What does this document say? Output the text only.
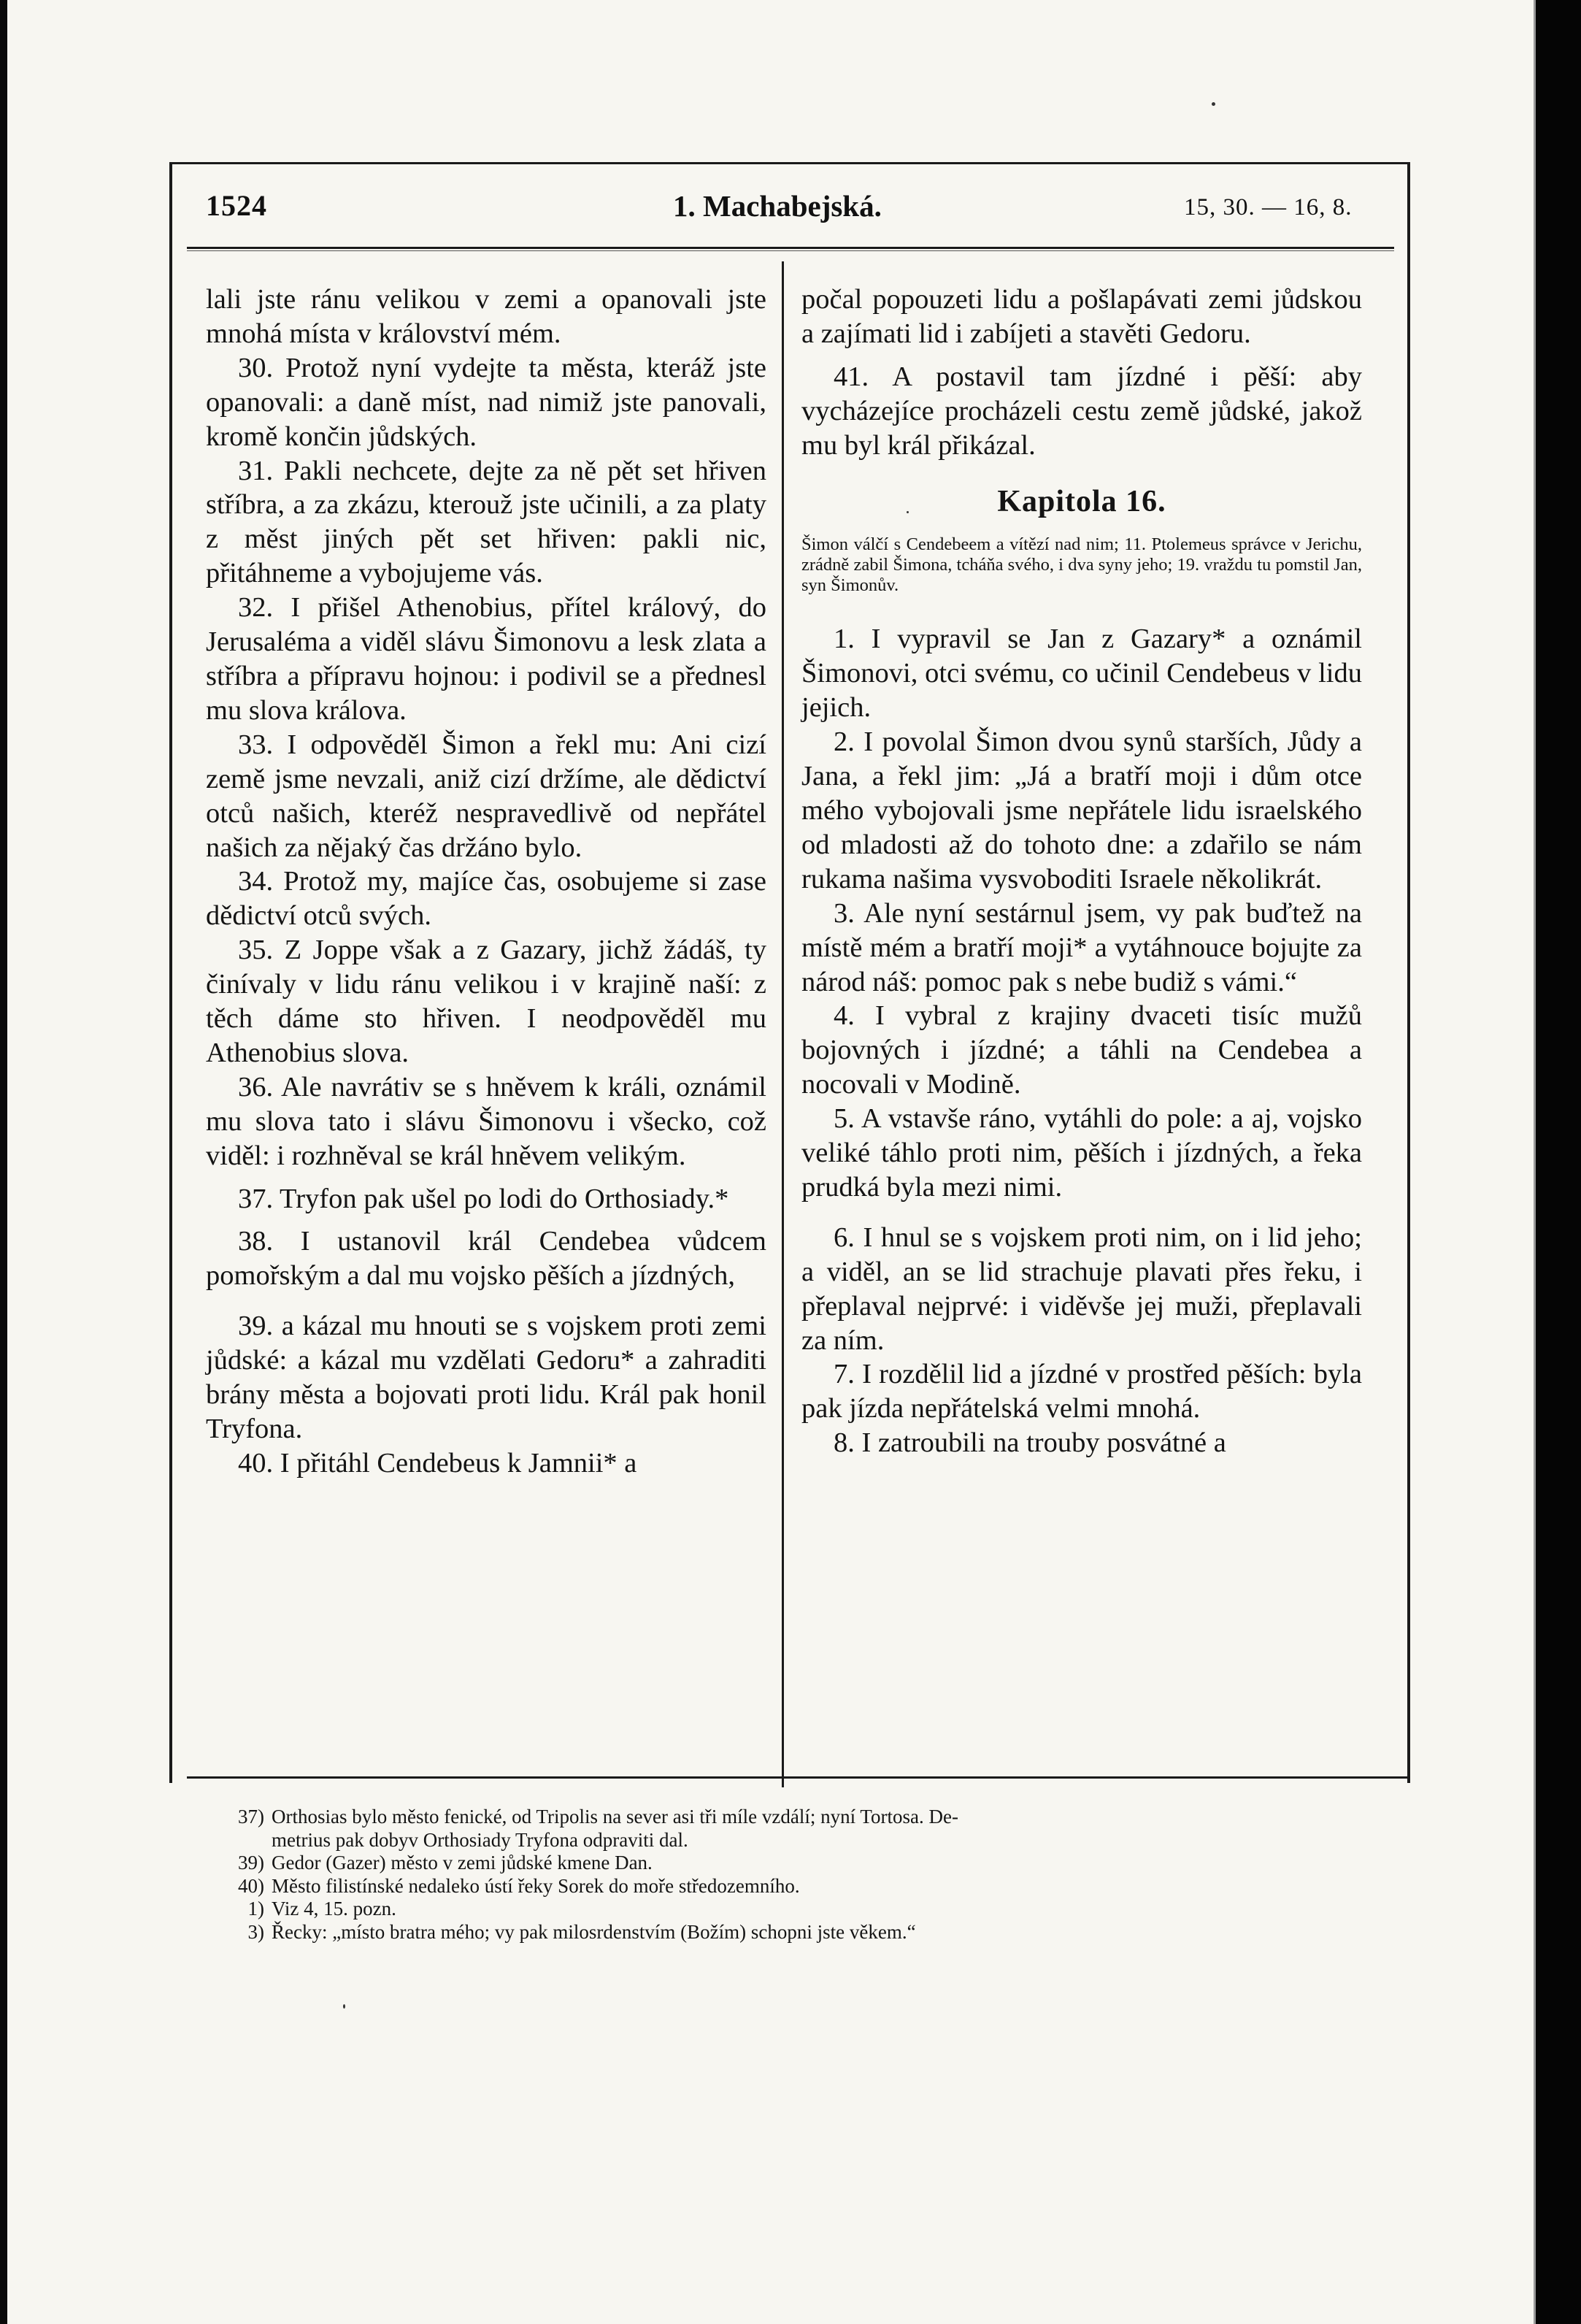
1524	1. Machabejská.	15, 30. — 16, 8.

lali jste ránu velikou v zemi a opanovali jste mnohá místa v království mém.

30. Protož nyní vydejte ta města, kteráž jste opanovali: a daně míst, nad nimiž jste panovali, kromě končin jůdských.

31. Pakli nechcete, dejte za ně pět set hřiven stříbra, a za zkázu, kterouž jste učinili, a za platy z měst jiných pět set hřiven: pakli nic, přitáhneme a vybojujeme vás.

32. I přišel Athenobius, přítel králový, do Jerusaléma a viděl slávu Šimonovu a lesk zlata a stříbra a přípravu hojnou: i podivil se a přednesl mu slova králova.

33. I odpověděl Šimon a řekl mu: Ani cizí země jsme nevzali, aniž cizí držíme, ale dědictví otců našich, kteréž nespravedlivě od nepřátel našich za nějaký čas držáno bylo.

34. Protož my, majíce čas, osobujeme si zase dědictví otců svých.

35. Z Joppe však a z Gazary, jichž žádáš, ty činívaly v lidu ránu velikou i v krajině naší: z těch dáme sto hřiven. I neodpověděl mu Athenobius slova.

36. Ale navrátiv se s hněvem k králi, oznámil mu slova tato i slávu Šimonovu i všecko, což viděl: i rozhněval se král hněvem velikým.

37. Tryfon pak ušel po lodi do Orthosiady.*

38. I ustanovil král Cendebea vůdcem pomořským a dal mu vojsko pěších a jízdných,

39. a kázal mu hnouti se s vojskem proti zemi jůdské: a kázal mu vzdělati Gedoru* a zahraditi brány města a bojovati proti lidu. Král pak honil Tryfona.

40. I přitáhl Cendebeus k Jamnii* a

počal popouzeti lidu a pošlapávati zemi jůdskou a zajímati lid i zabíjeti a stavěti Gedoru.

41. A postavil tam jízdné i pěší: aby vycházejíce procházeli cestu země jůdské, jakož mu byl král přikázal.

Kapitola 16.

Šimon válčí s Cendebeem a vítězí nad nim; 11. Ptolemeus správce v Jerichu, zrádně zabil Šimona, tcháňa svého, i dva syny jeho; 19. vraždu tu pomstil Jan, syn Šimonův.

1. I vypravil se Jan z Gazary* a oznámil Šimonovi, otci svému, co učinil Cendebeus v lidu jejich.

2. I povolal Šimon dvou synů starších, Jůdy a Jana, a řekl jim: „Já a bratří moji i dům otce mého vybojovali jsme nepřátele lidu israelského od mladosti až do tohoto dne: a zdařilo se nám rukama našima vysvoboditi Israele několikrát.

3. Ale nyní sestárnul jsem, vy pak buďtež na místě mém a bratří moji* a vytáhnouce bojujte za národ náš: pomoc pak s nebe budiž s vámi.“

4. I vybral z krajiny dvaceti tisíc mužů bojovných i jízdné; a táhli na Cendebea a nocovali v Modině.

5. A vstavše ráno, vytáhli do pole: a aj, vojsko veliké táhlo proti nim, pěších i jízdných, a řeka prudká byla mezi nimi.

6. I hnul se s vojskem proti nim, on i lid jeho; a viděl, an se lid strachuje plavati přes řeku, i přeplaval nejprvé: i viděvše jej muži, přeplavali za ním.

7. I rozdělil lid a jízdné v prostřed pěších: byla pak jízda nepřátelská velmi mnohá.

8. I zatroubili na trouby posvátné a

37) Orthosias bylo město fenické, od Tripolis na sever asi tři míle vzdálí; nyní Tortosa. De-

metrius pak dobyv Orthosiady Tryfona odpraviti dal.

39) Gedor (Gazer) město v zemi jůdské kmene Dan.

40) Město filistínské nedaleko ústí řeky Sorek do moře středozemního.

1) Viz 4, 15. pozn.

3) Řecky: „místo bratra mého; vy pak milosrdenstvím (Božím) schopni jste věkem.“
